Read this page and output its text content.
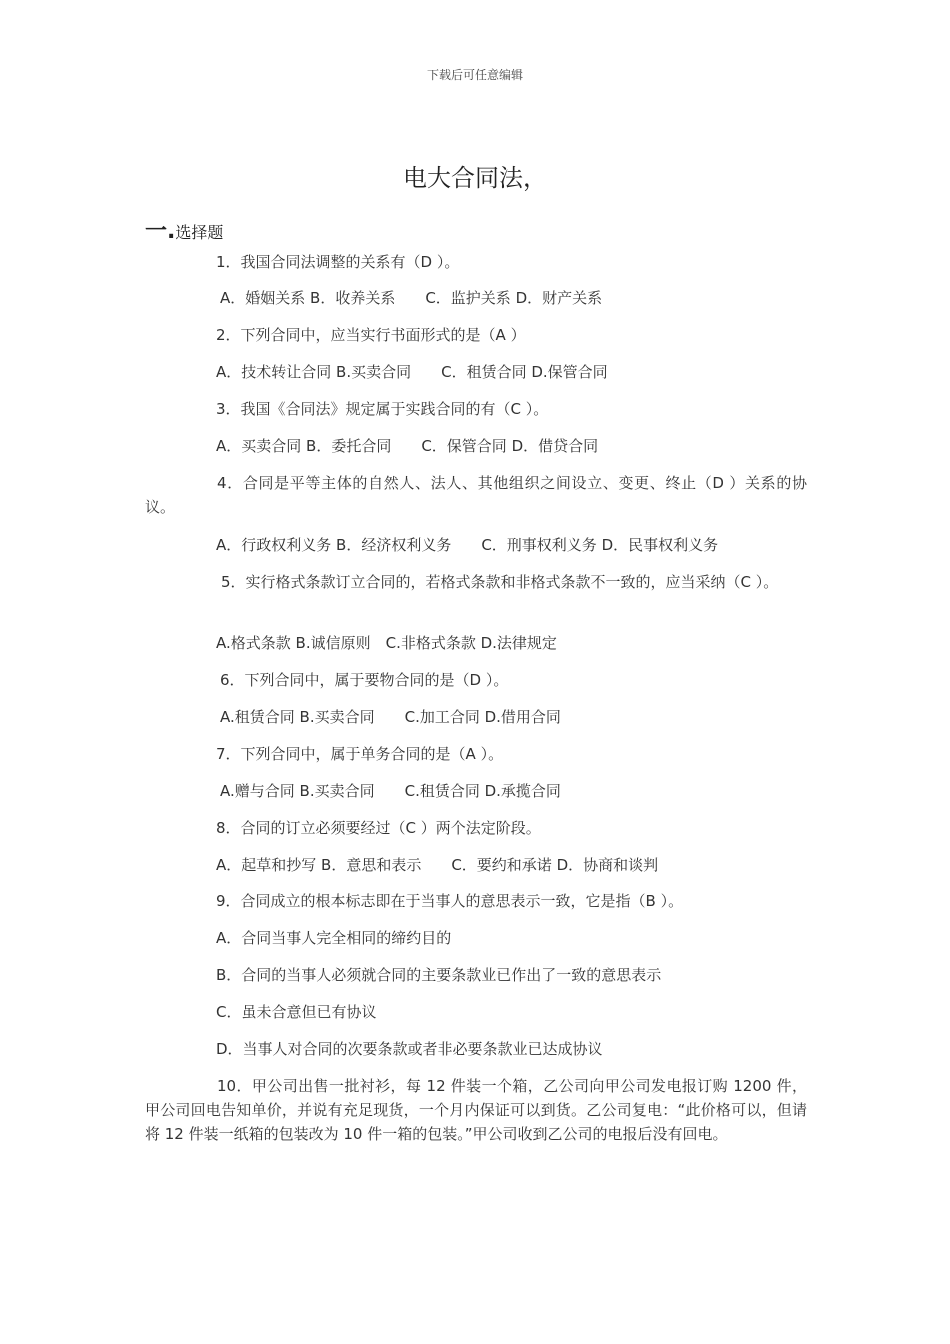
下载后可任意编辑
电大合同法，
一.选择题
1．我国合同法调整的关系有（D ）。
A．婚姻关系 B．收养关系　　C．监护关系 D．财产关系
2．下列合同中，应当实行书面形式的是（A ）
A．技术转让合同 B.买卖合同　　C．租赁合同 D.保管合同
3．我国《合同法》规定属于实践合同的有（C ）。
A．买卖合同 B．委托合同　　C．保管合同 D．借贷合同
4．合同是平等主体的自然人、法人、其他组织之间设立、变更、终止（D ）关系的协议。
A．行政权利义务 B．经济权利义务　　C．刑事权利义务 D．民事权利义务
5．实行格式条款订立合同的，若格式条款和非格式条款不一致的，应当采纳（C ）。
A.格式条款 B.诚信原则　C.非格式条款 D.法律规定
6．下列合同中，属于要物合同的是（D ）。
A.租赁合同 B.买卖合同　　C.加工合同 D.借用合同
7．下列合同中，属于单务合同的是（A ）。
A.赠与合同 B.买卖合同　　C.租赁合同 D.承揽合同
8．合同的订立必须要经过（C ）两个法定阶段。
A．起草和抄写 B．意思和表示　　C．要约和承诺 D．协商和谈判
9．合同成立的根本标志即在于当事人的意思表示一致，它是指（B ）。
A．合同当事人完全相同的缔约目的
B．合同的当事人必须就合同的主要条款业已作出了一致的意思表示
C．虽未合意但已有协议
D．当事人对合同的次要条款或者非必要条款业已达成协议
10．甲公司出售一批衬衫，每 12 件装一个箱，乙公司向甲公司发电报订购 1200 件，甲公司回电告知单价，并说有充足现货，一个月内保证可以到货。乙公司复电：“此价格可以，但请将 12 件装一纸箱的包装改为 10 件一箱的包装。”甲公司收到乙公司的电报后没有回电。
